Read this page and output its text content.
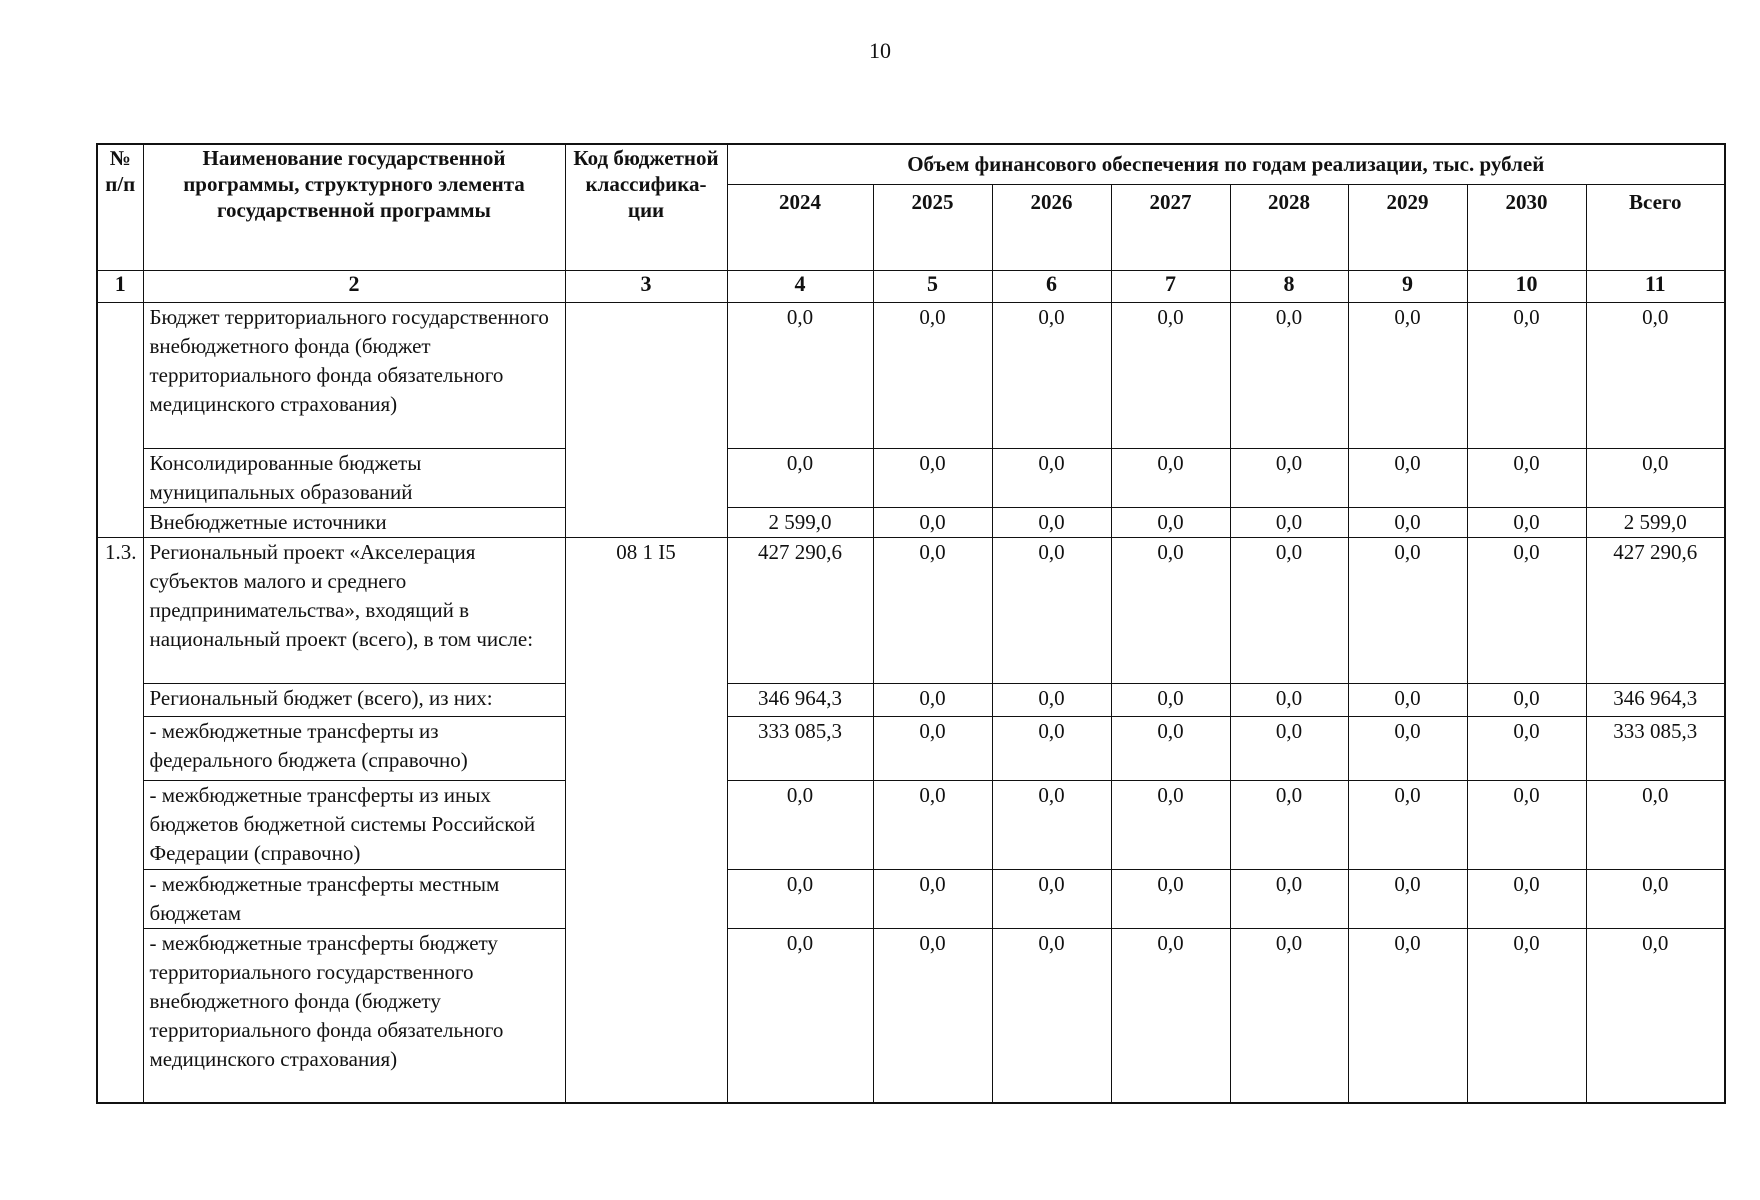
10
№ п/п	Наименование государственной программы, структурного элемента государственной программы	Код бюджетной классифика-ции	Объем финансового обеспечения по годам реализации, тыс. рублей							
			2024	2025	2026	2027	2028	2029	2030	Всего
1	2	3	4	5	6	7	8	9	10	11
	Бюджет территориального государственного внебюджетного фонда (бюджет территориального фонда обязательного медицинского страхования)		0,0	0,0	0,0	0,0	0,0	0,0	0,0	0,0
	Консолидированные бюджеты муниципальных образований		0,0	0,0	0,0	0,0	0,0	0,0	0,0	0,0
	Внебюджетные источники		2 599,0	0,0	0,0	0,0	0,0	0,0	0,0	2 599,0
1.3.	Региональный проект «Акселерация субъектов малого и среднего предпринимательства», входящий в национальный проект (всего), в том числе:	08 1 I5	427 290,6	0,0	0,0	0,0	0,0	0,0	0,0	427 290,6
	Региональный бюджет (всего), из них:		346 964,3	0,0	0,0	0,0	0,0	0,0	0,0	346 964,3
	- межбюджетные трансферты из федерального бюджета (справочно)		333 085,3	0,0	0,0	0,0	0,0	0,0	0,0	333 085,3
	- межбюджетные трансферты из иных бюджетов бюджетной системы Российской Федерации (справочно)		0,0	0,0	0,0	0,0	0,0	0,0	0,0	0,0
	- межбюджетные трансферты местным бюджетам		0,0	0,0	0,0	0,0	0,0	0,0	0,0	0,0
	- межбюджетные трансферты бюджету территориального государственного внебюджетного фонда (бюджету территориального фонда обязательного медицинского страхования)		0,0	0,0	0,0	0,0	0,0	0,0	0,0	0,0
